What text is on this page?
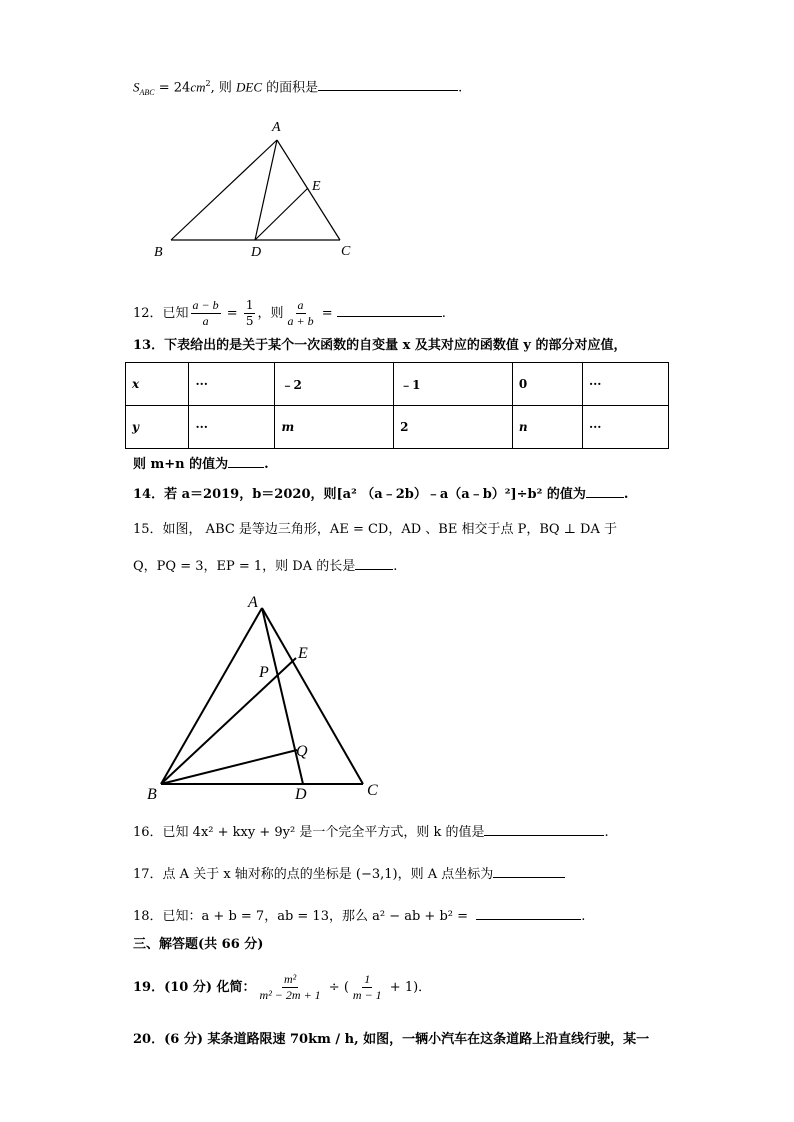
$S_{ABC} = 24cm^2$, 则 DEC 的面积是	.
A
B	C
D
E
12．已知 $\frac{a - b}{a} = \frac{1}{5}$ ，则 $\frac{a}{a + b}$ =	.
13．下表给出的是关于某个一次函数的自变量 x 及其对应的函数值 y 的部分对应值，
x	···	﹣2	﹣1	0	···
y	···	m	2	n	···
则 m+n 的值为	.
14．若 a＝2019，b＝2020，则[a² （a﹣2b）﹣a（a﹣b）²]÷b² 的值为	.
15．如图， ABC 是等边三角形，AE = CD，AD 、BE 相交于点 P，BQ ⊥ DA 于
Q，PQ = 3，EP = 1，则 DA 的长是	.
A
B	C
D
E
P
Q
16．已知 4x² + kxy + 9y² 是一个完全平方式，则 k 的值是	.
17．点 A 关于 x 轴对称的点的坐标是 (−3,1)，则 A 点坐标为
18．已知：a + b = 7，ab = 13，那么 a² − ab + b² =	.
三、解答题(共 66 分)
19．(10 分) 化简： $\frac{\text{m²}}{\text{m² − 2m + 1}}$ ÷ ( $\frac{1}{m - 1} + 1$)．
20．(6 分) 某条道路限速 70km / h, 如图，一辆小汽车在这条道路上沿直线行驶，某一
